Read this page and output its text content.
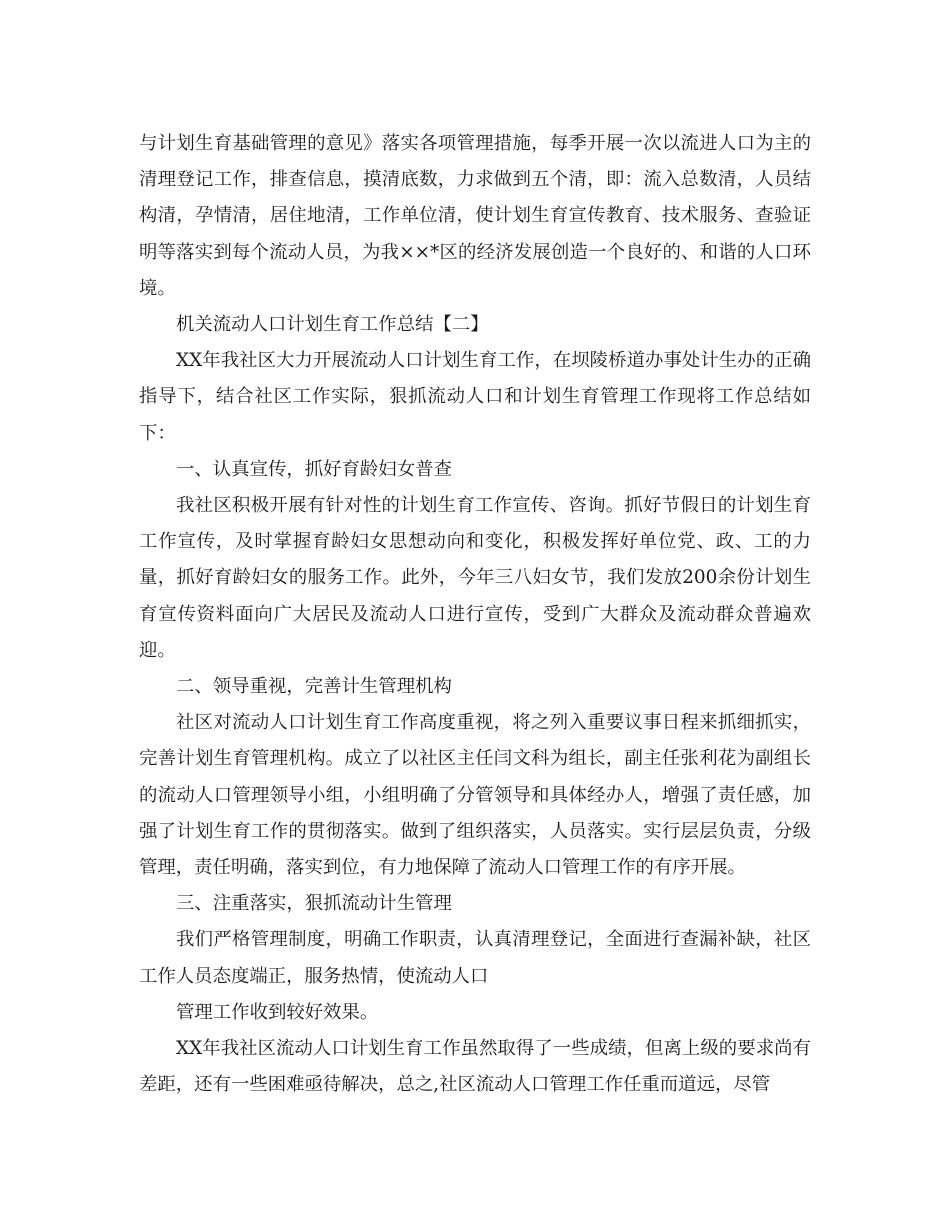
与计划生育基础管理的意见》落实各项管理措施，每季开展一次以流进人口为主的清理登记工作，排查信息，摸清底数，力求做到五个清，即：流入总数清，人员结构清，孕情清，居住地清，工作单位清，使计划生育宣传教育、技术服务、查验证明等落实到每个流动人员，为我××*区的经济发展创造一个良好的、和谐的人口环境。

机关流动人口计划生育工作总结【二】

XX年我社区大力开展流动人口计划生育工作，在坝陵桥道办事处计生办的正确指导下，结合社区工作实际，狠抓流动人口和计划生育管理工作现将工作总结如下：

一、认真宣传，抓好育龄妇女普查

我社区积极开展有针对性的计划生育工作宣传、咨询。抓好节假日的计划生育工作宣传，及时掌握育龄妇女思想动向和变化，积极发挥好单位党、政、工的力量，抓好育龄妇女的服务工作。此外，今年三八妇女节，我们发放200余份计划生育宣传资料面向广大居民及流动人口进行宣传，受到广大群众及流动群众普遍欢迎。

二、领导重视，完善计生管理机构

社区对流动人口计划生育工作高度重视，将之列入重要议事日程来抓细抓实，完善计划生育管理机构。成立了以社区主任闫文科为组长，副主任张利花为副组长的流动人口管理领导小组，小组明确了分管领导和具体经办人，增强了责任感，加强了计划生育工作的贯彻落实。做到了组织落实，人员落实。实行层层负责，分级管理，责任明确，落实到位，有力地保障了流动人口管理工作的有序开展。

三、注重落实，狠抓流动计生管理

我们严格管理制度，明确工作职责，认真清理登记，全面进行查漏补缺，社区工作人员态度端正，服务热情，使流动人口

管理工作收到较好效果。

XX年我社区流动人口计划生育工作虽然取得了一些成绩，但离上级的要求尚有差距，还有一些困难亟待解决，总之,社区流动人口管理工作任重而道远，尽管
